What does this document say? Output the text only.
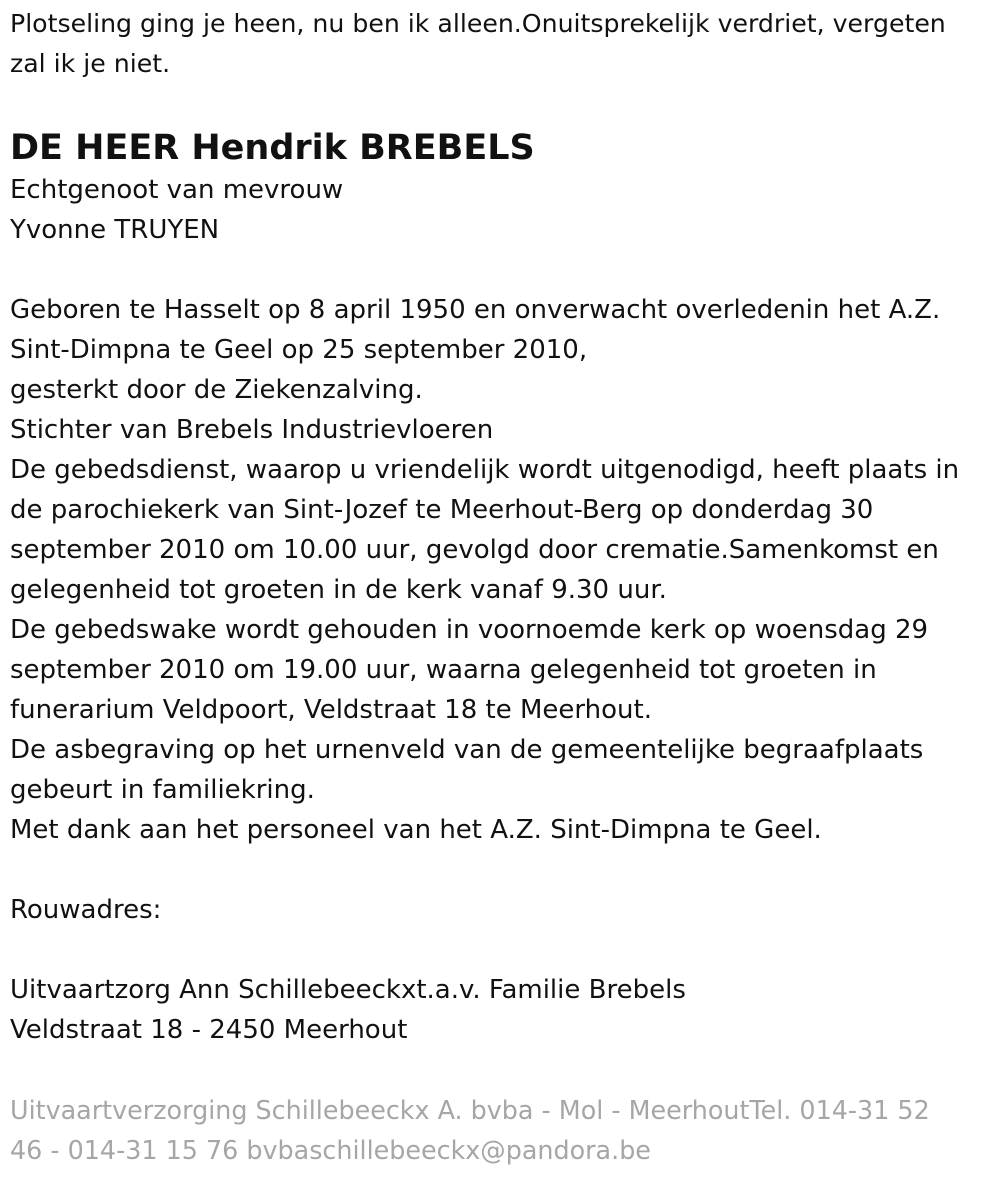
Plotseling ging je heen, nu ben ik alleen.Onuitsprekelijk verdriet, vergeten
zal ik je niet.
DE HEER Hendrik BREBELS
Echtgenoot van mevrouw
Yvonne TRUYEN
Geboren te Hasselt op 8 april 1950 en onverwacht overledenin het A.Z.
Sint-Dimpna te Geel op 25 september 2010,
gesterkt door de Ziekenzalving.
Stichter van Brebels Industrievloeren
De gebedsdienst, waarop u vriendelijk wordt uitgenodigd, heeft plaats in
de parochiekerk van Sint-Jozef te Meerhout-Berg op donderdag 30
september 2010 om 10.00 uur, gevolgd door crematie.Samenkomst en
gelegenheid tot groeten in de kerk vanaf 9.30 uur.
De gebedswake wordt gehouden in voornoemde kerk op woensdag 29
september 2010 om 19.00 uur, waarna gelegenheid tot groeten in
funerarium Veldpoort, Veldstraat 18 te Meerhout.
De asbegraving op het urnenveld van de gemeentelijke begraafplaats
gebeurt in familiekring.
Met dank aan het personeel van het A.Z. Sint-Dimpna te Geel.
Rouwadres:
Uitvaartzorg Ann Schillebeeckxt.a.v. Familie Brebels
Veldstraat 18 - 2450 Meerhout
Uitvaartverzorging Schillebeeckx A. bvba - Mol - MeerhoutTel. 014-31 52
46 - 014-31 15 76 bvbaschillebeeckx@pandora.be
